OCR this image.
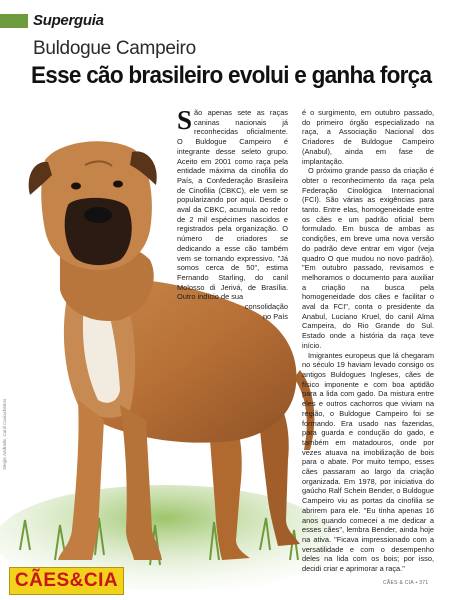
Superguia
Buldogue Campeiro
Esse cão brasileiro evolui e ganha força
Sérgio Andrade, Canil Cauiacheiros
S ão apenas sete as raças caninas nacionais já reconhecidas oficialmente. O Buldogue Campeiro é integrante desse seleto grupo. Aceito em 2001 como raça pela entidade máxima da cinofilia do País, a Confederação Brasileira de Cinofilia (CBKC), ele vem se popularizando por aqui. Desde o aval da CBKC, acumula ao redor de 2 mil espécimes nascidos e registrados pela organização. O número de criadores se dedicando a esse cão também vem se tornando expressivo. "Já somos cerca de 50", estima Fernando Starling, do canil Molosso di Jerivá, de Brasília. Outro indício de sua

consolidação

no País

é o surgimento, em outubro passado, do primeiro órgão especializado na raça, a Associação Nacional dos Criadores de Buldogue Campeiro (Anabul), ainda em fase de implantação.

O próximo grande passo da criação é obter o reconhecimento da raça pela Federação Cinológica Internacional (FCI). São várias as exigências para tanto. Entre elas, homogeneidade entre os cães e um padrão oficial bem formulado. Em busca de ambas as condições, em breve uma nova versão do padrão deve entrar em vigor (veja quadro O que mudou no novo padrão). "Em outubro passado, revisamos e melhoramos o documento para auxiliar a criação na busca pela homogeneidade dos cães e facilitar o aval da FCI", conta o presidente da Anabul, Luciano Kruel, do canil Alma Campeira, do Rio Grande do Sul. Estado onde a história da raça teve início.

Imigrantes europeus que lá chegaram no século 19 haviam levado consigo os antigos Buldogues Ingleses, cães de físico imponente e com boa aptidão para a lida com gado. Da mistura entre eles e outros cachorros que viviam na região, o Buldogue Campeiro foi se formando. Era usado nas fazendas, para guarda e condução do gado, e também em matadouros, onde por vezes atuava na imobilização de bois para o abate. Por muito tempo, esses cães passaram ao largo da criação organizada. Em 1978, por iniciativa do gaúcho Ralf Schein Bender, o Buldogue Campeiro viu as portas da cinofilia se abrirem para ele. "Eu tinha apenas 16 anos quando comecei a me dedicar a esses cães", lembra Bender, ainda hoje na ativa. "Ficava impressionado com a versatilidade e com o desempenho deles na lida com os bois; por isso, decidi criar e aprimorar a raça."

CÃES&CIA	CÃES & CIA • 371
